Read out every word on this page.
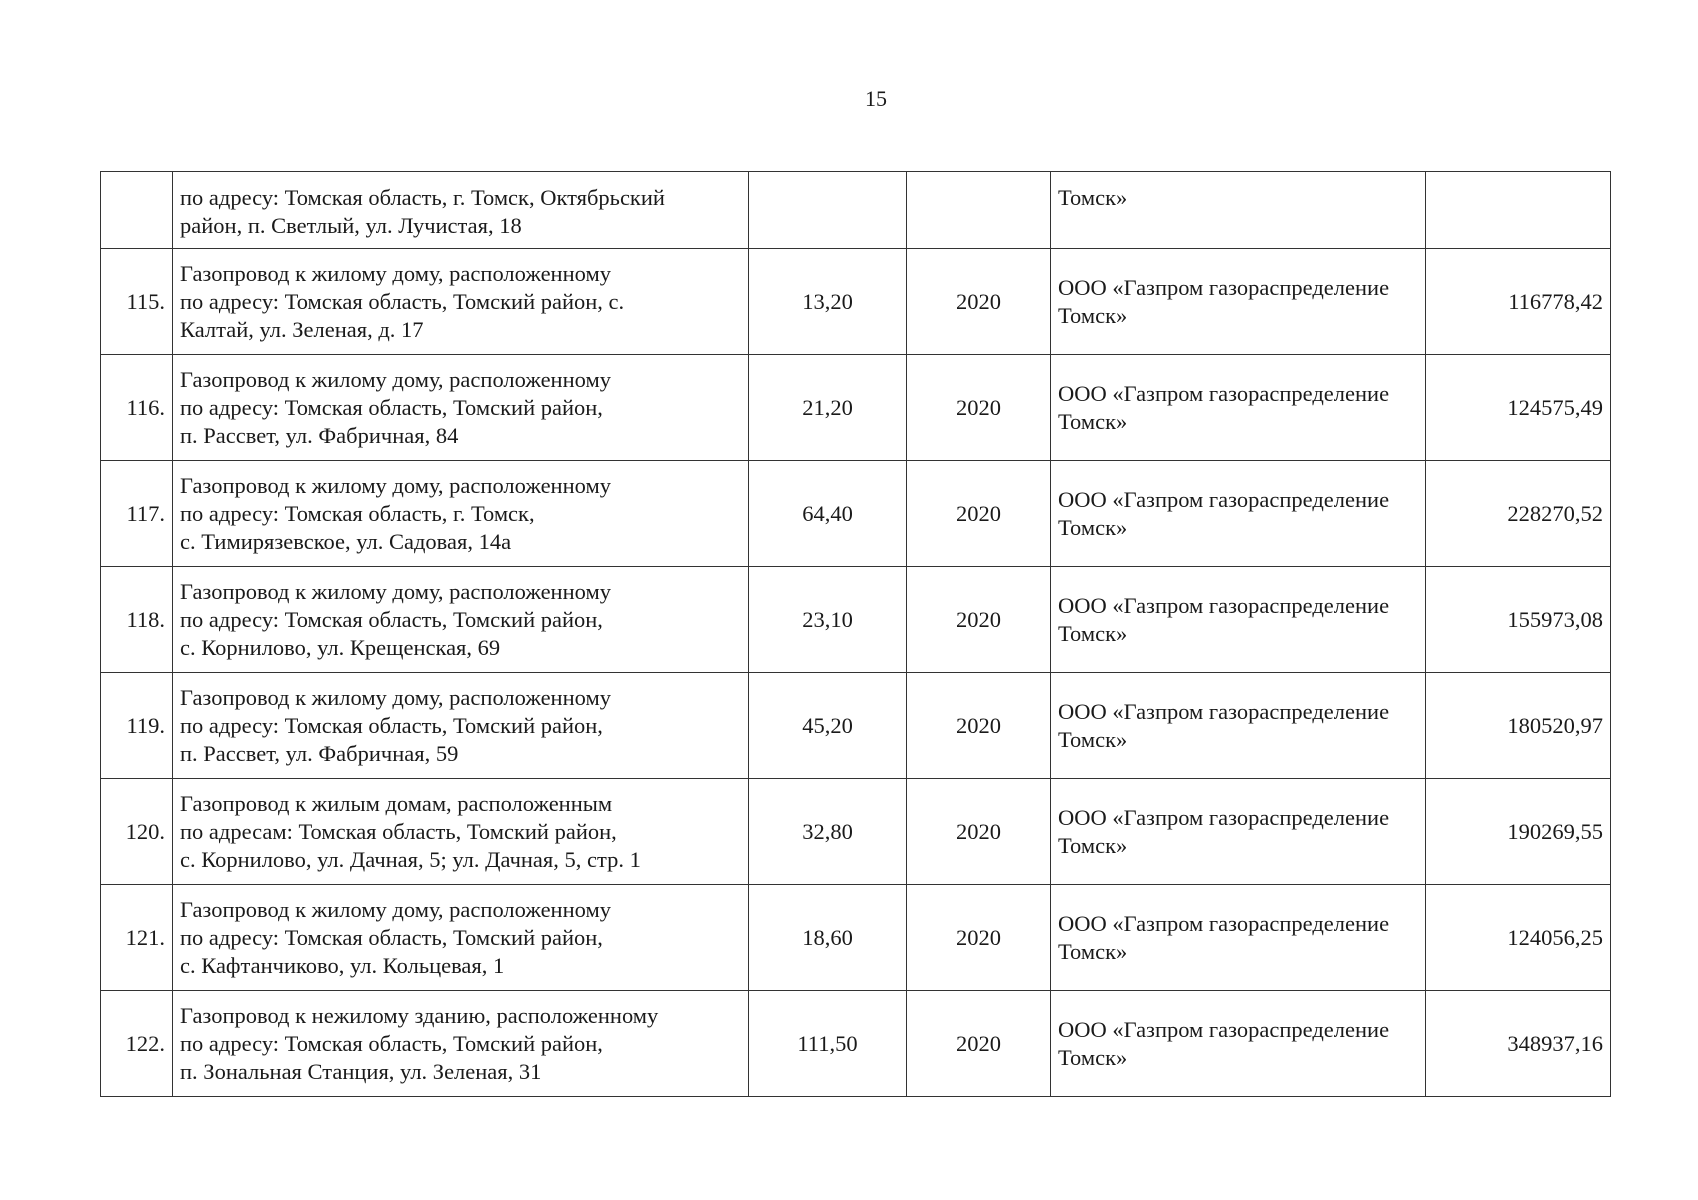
15

	по адресу: Томская область, г. Томск, Октябрьский
район, п. Светлый, ул. Лучистая, 18			Томск»	

115.	Газопровод к жилому дому, расположенному
по адресу: Томская область, Томский район, с.
Калтай, ул. Зеленая, д. 17	13,20	2020	ООО «Газпром газораспределение
Томск»	116778,42
116.	Газопровод к жилому дому, расположенному
по адресу: Томская область, Томский район,
п. Рассвет, ул. Фабричная, 84	21,20	2020	ООО «Газпром газораспределение
Томск»	124575,49
117.	Газопровод к жилому дому, расположенному
по адресу: Томская область, г. Томск,
с. Тимирязевское, ул. Садовая, 14а	64,40	2020	ООО «Газпром газораспределение
Томск»	228270,52
118.	Газопровод к жилому дому, расположенному
по адресу: Томская область, Томский район,
с. Корнилово, ул. Крещенская, 69	23,10	2020	ООО «Газпром газораспределение
Томск»	155973,08
119.	Газопровод к жилому дому, расположенному
по адресу: Томская область, Томский район,
п. Рассвет, ул. Фабричная, 59	45,20	2020	ООО «Газпром газораспределение
Томск»	180520,97
120.	Газопровод к жилым домам, расположенным
по адресам: Томская область, Томский район,
с. Корнилово, ул. Дачная, 5; ул. Дачная, 5, стр. 1	32,80	2020	ООО «Газпром газораспределение
Томск»	190269,55
121.	Газопровод к жилому дому, расположенному
по адресу: Томская область, Томский район,
с. Кафтанчиково, ул. Кольцевая, 1	18,60	2020	ООО «Газпром газораспределение
Томск»	124056,25
122.	Газопровод к нежилому зданию, расположенному
по адресу: Томская область, Томский район,
п. Зональная Станция, ул. Зеленая, 31	111,50	2020	ООО «Газпром газораспределение
Томск»	348937,16
